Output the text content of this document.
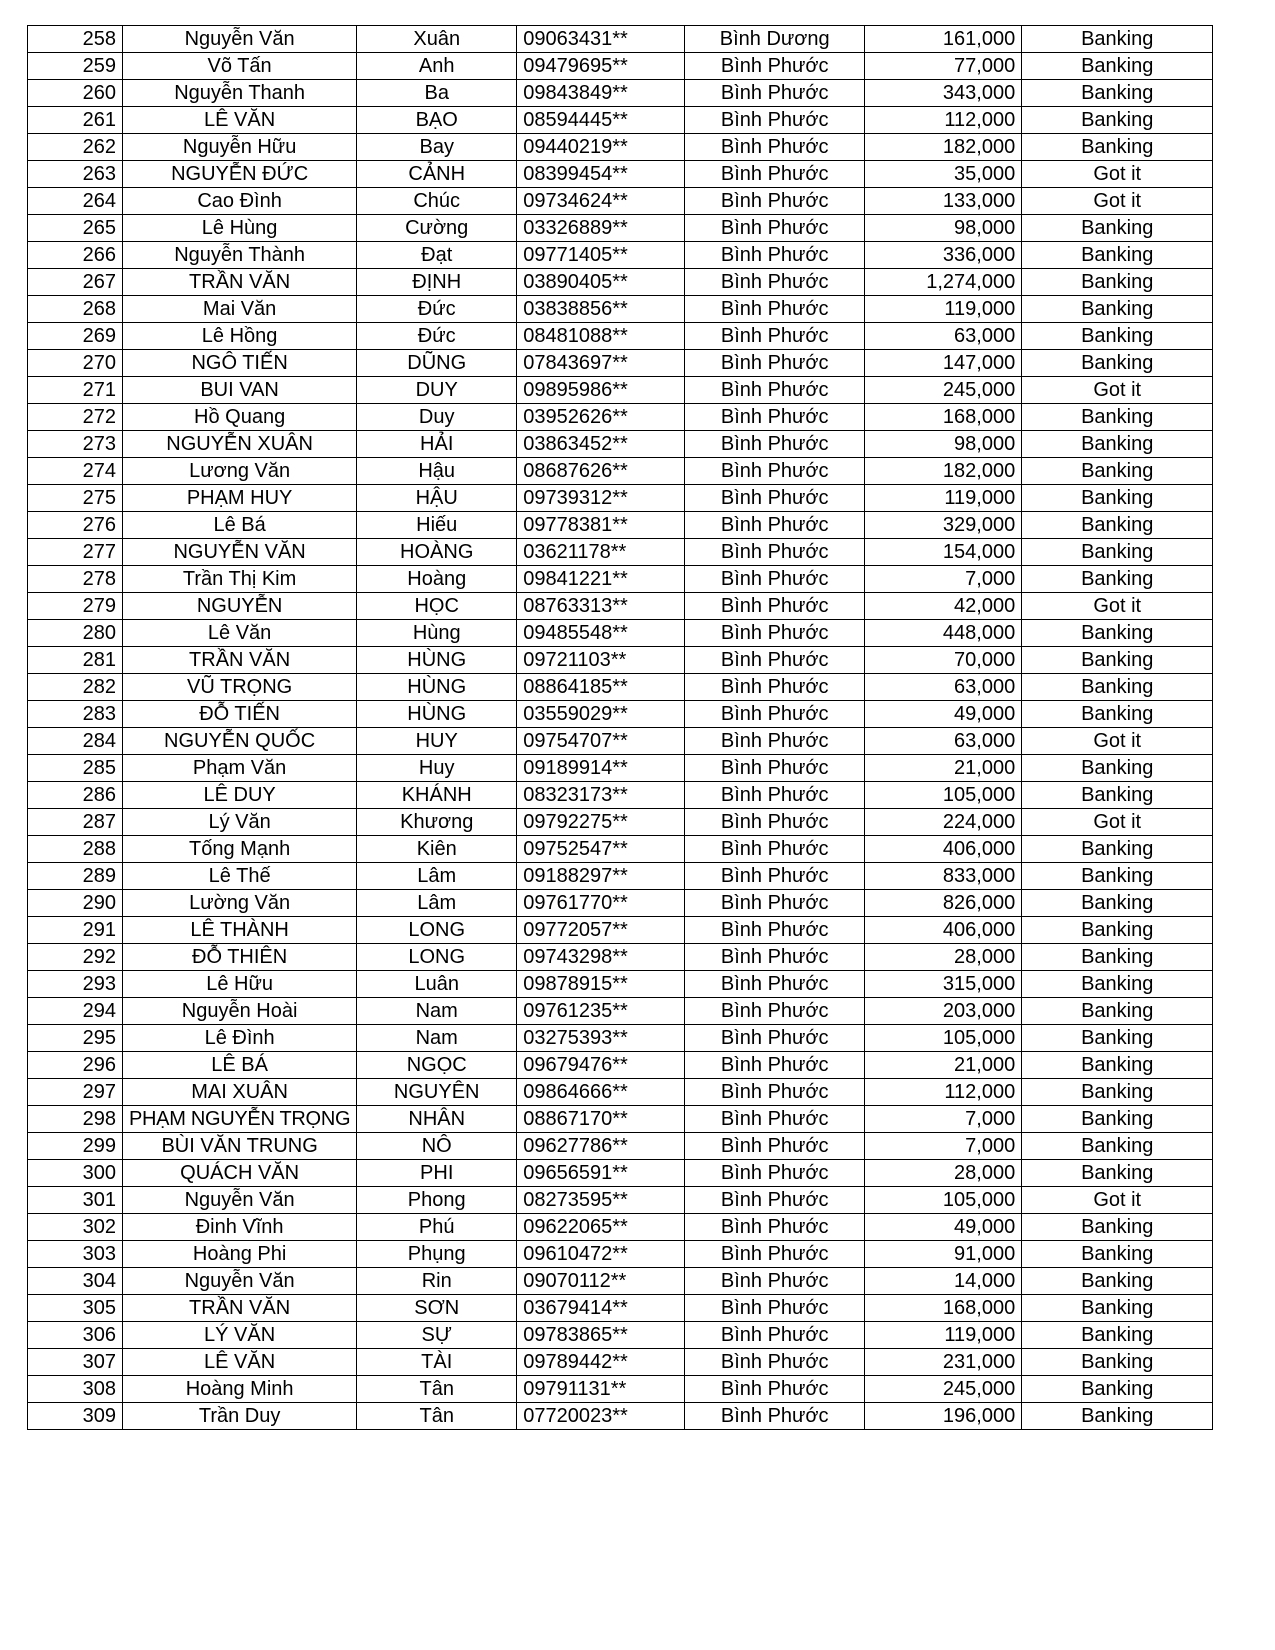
258	Nguyễn Văn	Xuân	09063431**	Bình Dương	161,000	Banking
259	Võ Tấn	Anh	09479695**	Bình Phước	77,000	Banking
260	Nguyễn Thanh	Ba	09843849**	Bình Phước	343,000	Banking
261	LÊ VĂN	BẠO	08594445**	Bình Phước	112,000	Banking
262	Nguyễn Hữu	Bay	09440219**	Bình Phước	182,000	Banking
263	NGUYỄN ĐỨC	CẢNH	08399454**	Bình Phước	35,000	Got it
264	Cao Đình	Chúc	09734624**	Bình Phước	133,000	Got it
265	Lê Hùng	Cường	03326889**	Bình Phước	98,000	Banking
266	Nguyễn Thành	Đạt	09771405**	Bình Phước	336,000	Banking
267	TRẦN VĂN	ĐỊNH	03890405**	Bình Phước	1,274,000	Banking
268	Mai Văn	Đức	03838856**	Bình Phước	119,000	Banking
269	Lê Hồng	Đức	08481088**	Bình Phước	63,000	Banking
270	NGÔ TIẾN	DŨNG	07843697**	Bình Phước	147,000	Banking
271	BUI VAN	DUY	09895986**	Bình Phước	245,000	Got it
272	Hồ Quang	Duy	03952626**	Bình Phước	168,000	Banking
273	NGUYỄN XUÂN	HẢI	03863452**	Bình Phước	98,000	Banking
274	Lương Văn	Hậu	08687626**	Bình Phước	182,000	Banking
275	PHẠM HUY	HẬU	09739312**	Bình Phước	119,000	Banking
276	Lê Bá	Hiếu	09778381**	Bình Phước	329,000	Banking
277	NGUYỄN VĂN	HOÀNG	03621178**	Bình Phước	154,000	Banking
278	Trần Thị Kim	Hoàng	09841221**	Bình Phước	7,000	Banking
279	NGUYỄN	HỌC	08763313**	Bình Phước	42,000	Got it
280	Lê Văn	Hùng	09485548**	Bình Phước	448,000	Banking
281	TRẦN VĂN	HÙNG	09721103**	Bình Phước	70,000	Banking
282	VŨ TRỌNG	HÙNG	08864185**	Bình Phước	63,000	Banking
283	ĐỖ TIẾN	HÙNG	03559029**	Bình Phước	49,000	Banking
284	NGUYỄN QUỐC	HUY	09754707**	Bình Phước	63,000	Got it
285	Phạm Văn	Huy	09189914**	Bình Phước	21,000	Banking
286	LÊ DUY	KHÁNH	08323173**	Bình Phước	105,000	Banking
287	Lý Văn	Khương	09792275**	Bình Phước	224,000	Got it
288	Tống Mạnh	Kiên	09752547**	Bình Phước	406,000	Banking
289	Lê Thế	Lâm	09188297**	Bình Phước	833,000	Banking
290	Lường Văn	Lâm	09761770**	Bình Phước	826,000	Banking
291	LÊ THÀNH	LONG	09772057**	Bình Phước	406,000	Banking
292	ĐỖ THIÊN	LONG	09743298**	Bình Phước	28,000	Banking
293	Lê Hữu	Luân	09878915**	Bình Phước	315,000	Banking
294	Nguyễn Hoài	Nam	09761235**	Bình Phước	203,000	Banking
295	Lê Đình	Nam	03275393**	Bình Phước	105,000	Banking
296	LÊ BÁ	NGỌC	09679476**	Bình Phước	21,000	Banking
297	MAI XUÂN	NGUYÊN	09864666**	Bình Phước	112,000	Banking
298	PHẠM NGUYỄN TRỌNG	NHÂN	08867170**	Bình Phước	7,000	Banking
299	BÙI VĂN TRUNG	NÔ	09627786**	Bình Phước	7,000	Banking
300	QUÁCH VĂN	PHI	09656591**	Bình Phước	28,000	Banking
301	Nguyễn Văn	Phong	08273595**	Bình Phước	105,000	Got it
302	Đinh Vĩnh	Phú	09622065**	Bình Phước	49,000	Banking
303	Hoàng Phi	Phụng	09610472**	Bình Phước	91,000	Banking
304	Nguyễn Văn	Rin	09070112**	Bình Phước	14,000	Banking
305	TRẦN VĂN	SƠN	03679414**	Bình Phước	168,000	Banking
306	LÝ VĂN	SỰ	09783865**	Bình Phước	119,000	Banking
307	LÊ VĂN	TÀI	09789442**	Bình Phước	231,000	Banking
308	Hoàng Minh	Tân	09791131**	Bình Phước	245,000	Banking
309	Trần Duy	Tân	07720023**	Bình Phước	196,000	Banking
